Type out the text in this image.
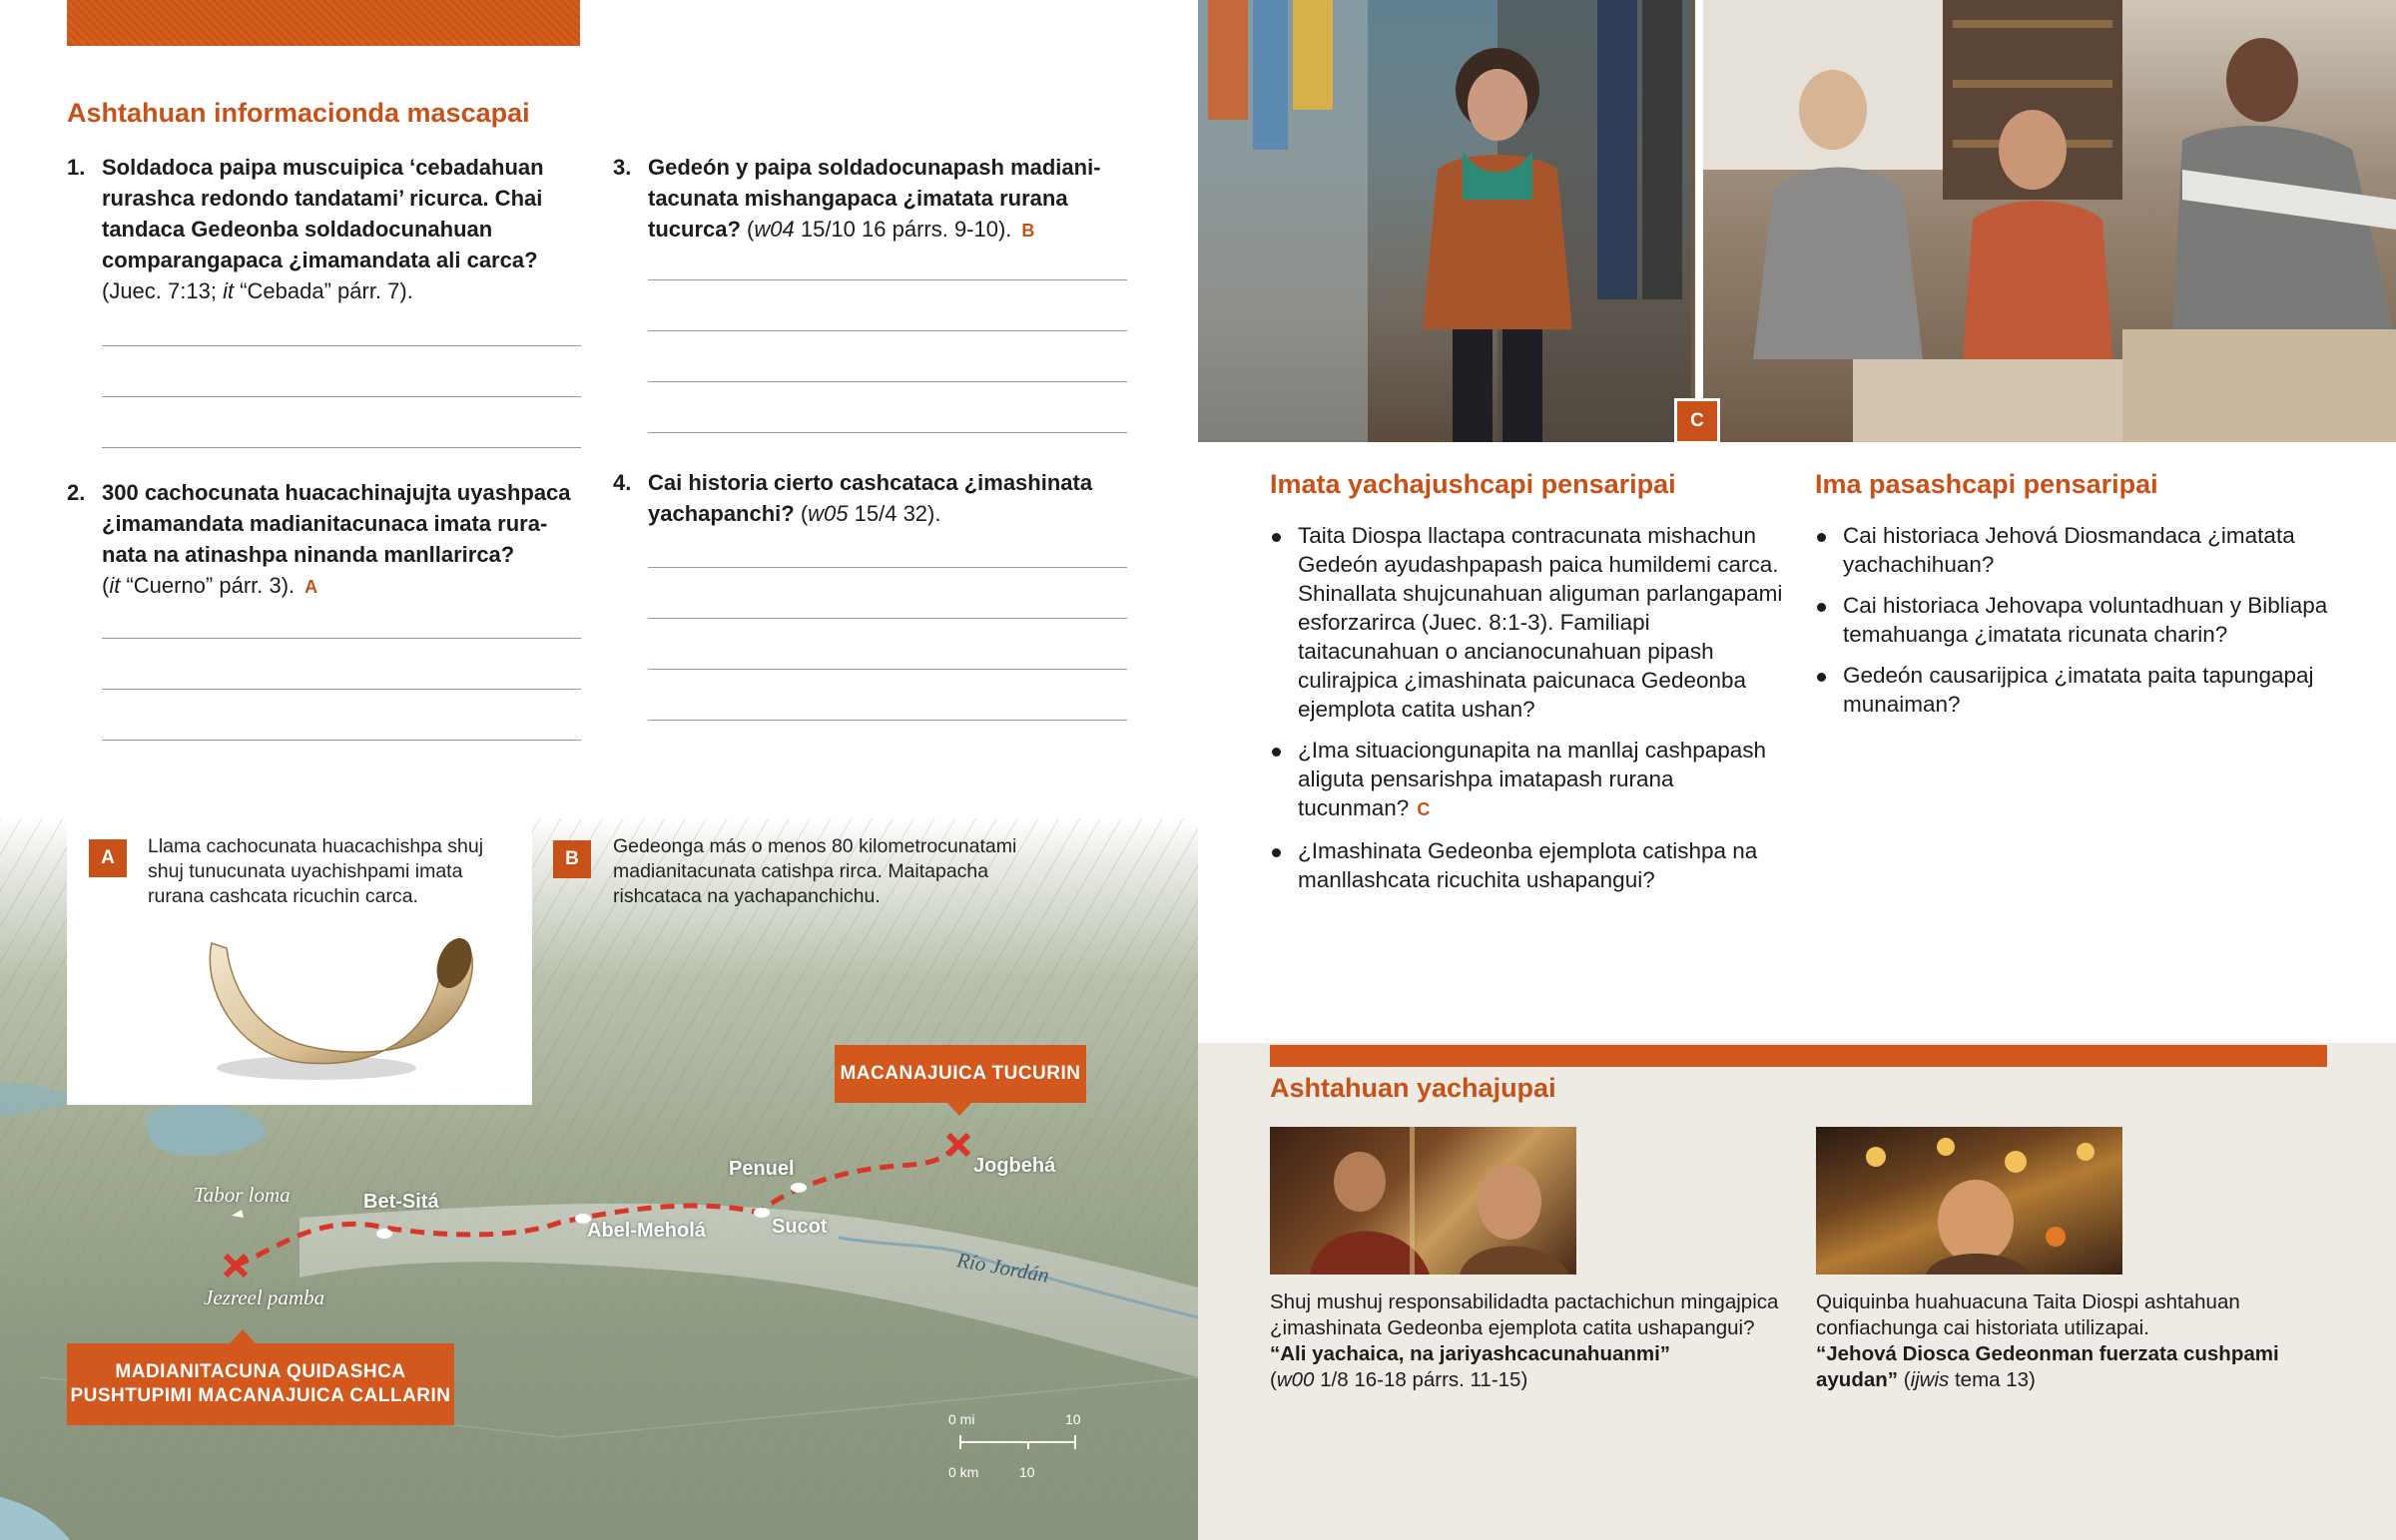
Ashtahuan informacionda mascapai
1. Soldadoca paipa muscuipica ‘cebadahuan rurashca redondo tandatami’ ricurca. Chai tandaca Gedeonba soldadocunahuan comparangapaca ¿imamandata ali carca?
(Juec. 7:13; it “Cebada” párr. 7).
2. 300 cachocunata huacachinajujta uyashpaca ¿imamandata madianitacunaca imata ruranata na atinashpa ninanda manllarirca?
(it “Cuerno” párr. 3). A
3. Gedeón y paipa soldadocunapash madianitacunata mishangapaca ¿imatata rurana tucurca? (w04 15/10 16 párrs. 9-10). B
4. Cai historia cierto cashcataca ¿imashinata yachapanchi? (w05 15/4 32).
MACANAJUICA TUCURIN
MADIANITACUNA QUIDASHCA
PUSHTUPIMI MACANAJUICA CALLARIN
Tabor loma	Bet-Sitá
Jezreel pamba
Abel-Meholá
Penuel
Sucot
Jogbehá
Río Jordán
0 mi	10
0 km	10
A
Llama cachocunata huacachishpa shuj shuj tunucunata uyachishpami imata rurana cashcata ricuchin carca.
B
Gedeonga más o menos 80 kilometrocunatami madianitacunata catishpa rirca. Maitapacha rishcataca na yachapanchichu.
C
Imata yachajushcapi pensaripai
Taita Diospa llactapa contracunata mishachun Gedeón ayudashpapash paica humildemi carca. Shinallata shujcunahuan aliguman parlangapami esforzarirca (Juec. 8:1-3). Familiapi taitacunahuan o ancianocunahuan pipash culirajpica ¿imashinata paicunaca Gedeonba ejemplota catita ushan?
¿Ima situaciongunapita na manllaj cashpapash aliguta pensarishpa imatapash rurana tucunman? C
¿Imashinata Gedeonba ejemplota catishpa na manllashcata ricuchita ushapangui?
Ima pasashcapi pensaripai
Cai historiaca Jehová Diosmandaca ¿imatata yachachihuan?
Cai historiaca Jehovapa voluntadhuan y Bibliapa temahuanga ¿imatata ricunata charin?
Gedeón causarijpica ¿imatata paita tapungapaj munaiman?
Ashtahuan yachajupai
Shuj mushuj responsabilidadta pactachichun mingajpica ¿imashinata Gedeonba ejemplota catita ushapangui?
“Ali yachaica, na jariyashcacunahuanmi”
(w00 1/8 16-18 párrs. 11-15)
Quiquinba huahuacuna Taita Diospi ashtahuan confiachunga cai historiata utilizapai.
“Jehová Diosca Gedeonman fuerzata cushpami ayudan” (ijwis tema 13)
